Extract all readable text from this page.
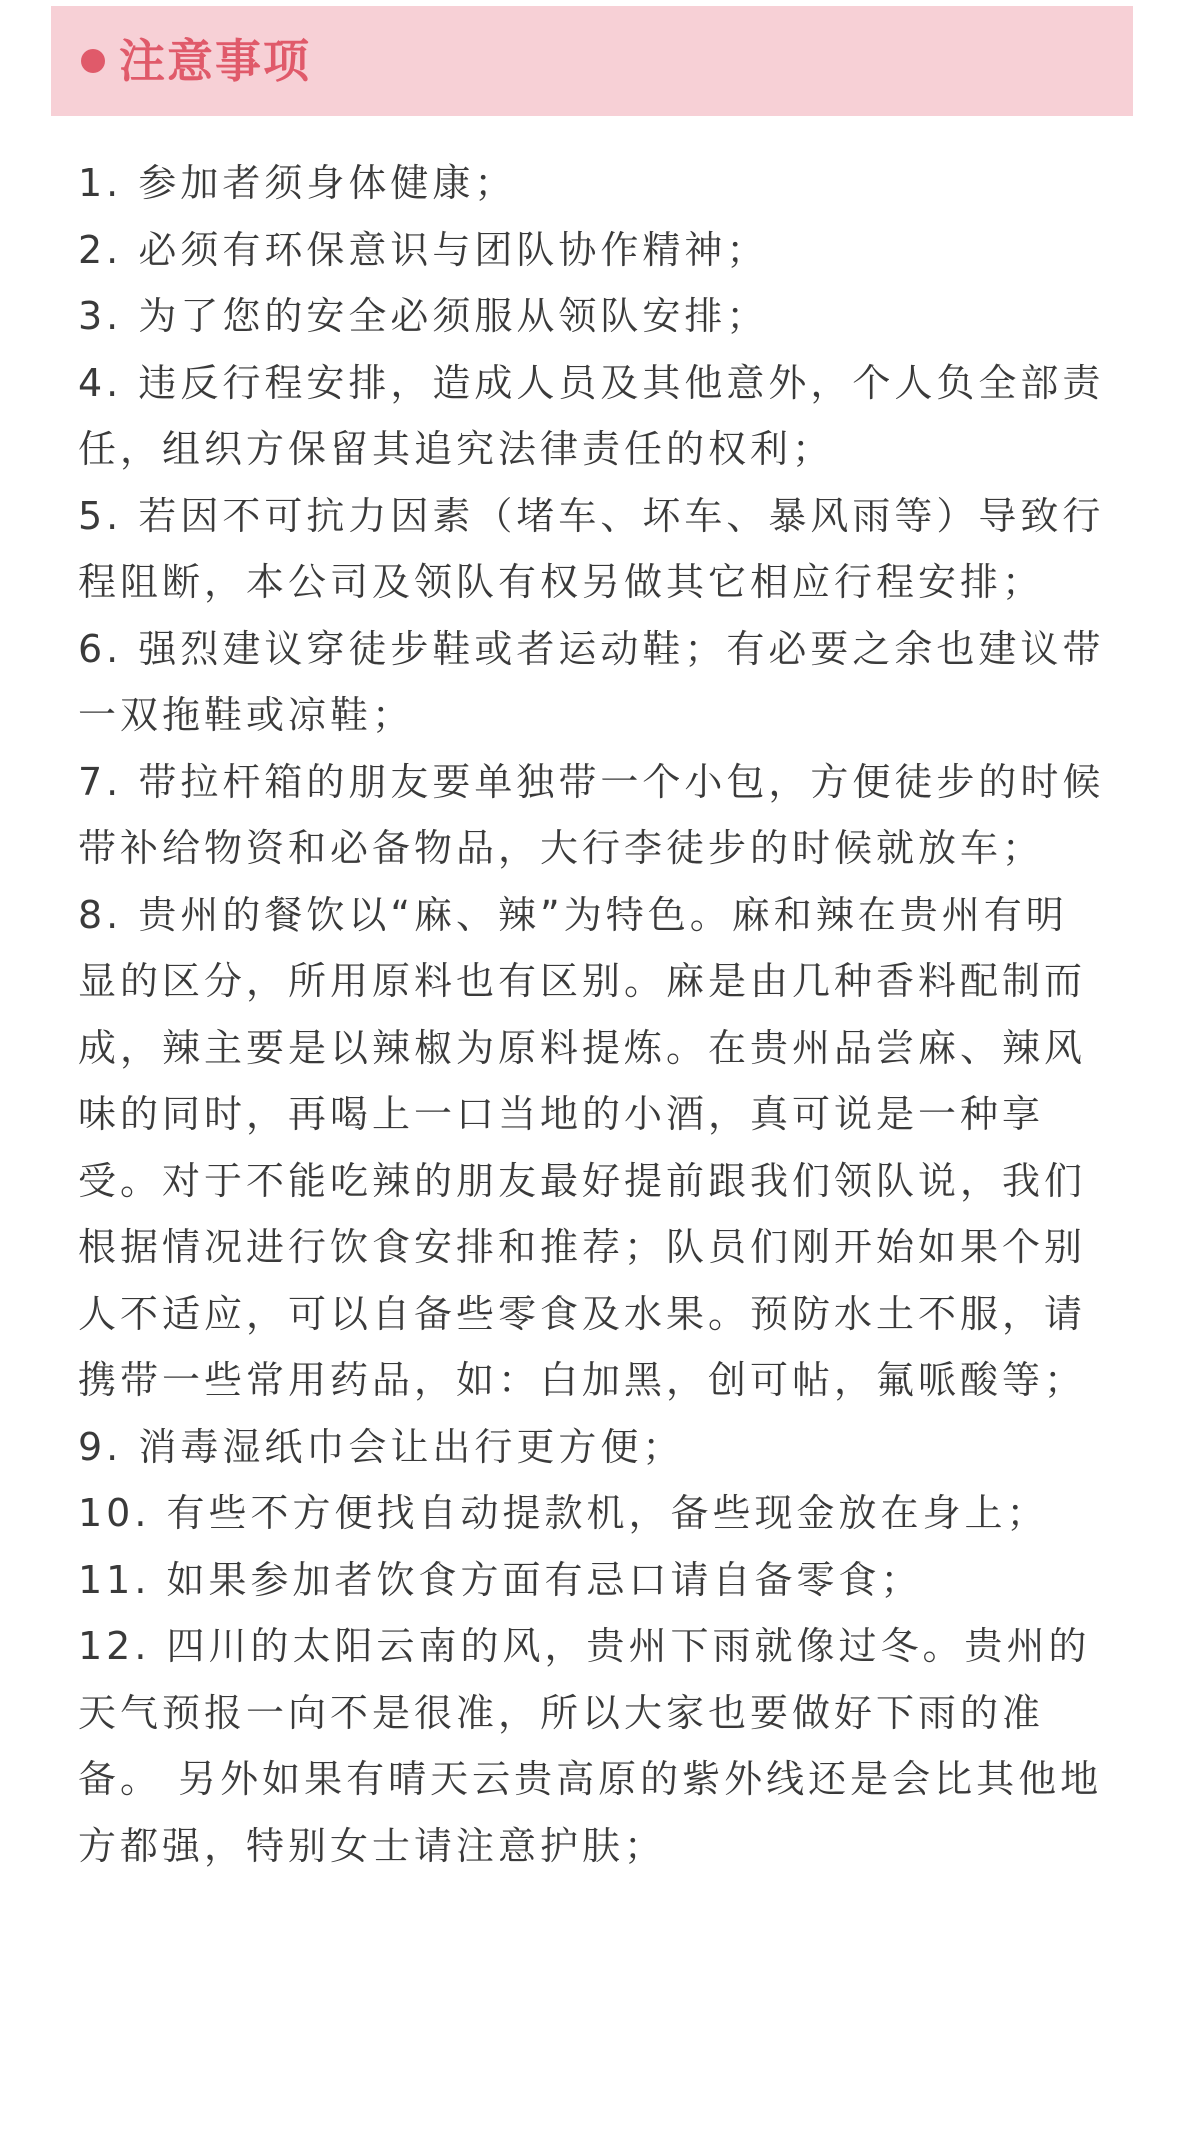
注意事项
1. 参加者须身体健康；
2. 必须有环保意识与团队协作精神；
3. 为了您的安全必须服从领队安排；
4. 违反行程安排，造成人员及其他意外，个人负全部责任，组织方保留其追究法律责任的权利；
5. 若因不可抗力因素（堵车、坏车、暴风雨等）导致行程阻断，本公司及领队有权另做其它相应行程安排；
6. 强烈建议穿徒步鞋或者运动鞋；有必要之余也建议带一双拖鞋或凉鞋；
7. 带拉杆箱的朋友要单独带一个小包，方便徒步的时候带补给物资和必备物品，大行李徒步的时候就放车；
8. 贵州的餐饮以“麻、辣”为特色。麻和辣在贵州有明显的区分，所用原料也有区别。麻是由几种香料配制而成，辣主要是以辣椒为原料提炼。在贵州品尝麻、辣风味的同时，再喝上一口当地的小酒，真可说是一种享受。对于不能吃辣的朋友最好提前跟我们领队说，我们根据情况进行饮食安排和推荐；队员们刚开始如果个别人不适应，可以自备些零食及水果。预防水土不服，请携带一些常用药品，如：白加黑，创可帖，氟哌酸等；
9. 消毒湿纸巾会让出行更方便；
10. 有些不方便找自动提款机，备些现金放在身上；
11. 如果参加者饮食方面有忌口请自备零食；
12. 四川的太阳云南的风，贵州下雨就像过冬。贵州的天气预报一向不是很准，所以大家也要做好下雨的准备。 另外如果有晴天云贵高原的紫外线还是会比其他地方都强，特别女士请注意护肤；
